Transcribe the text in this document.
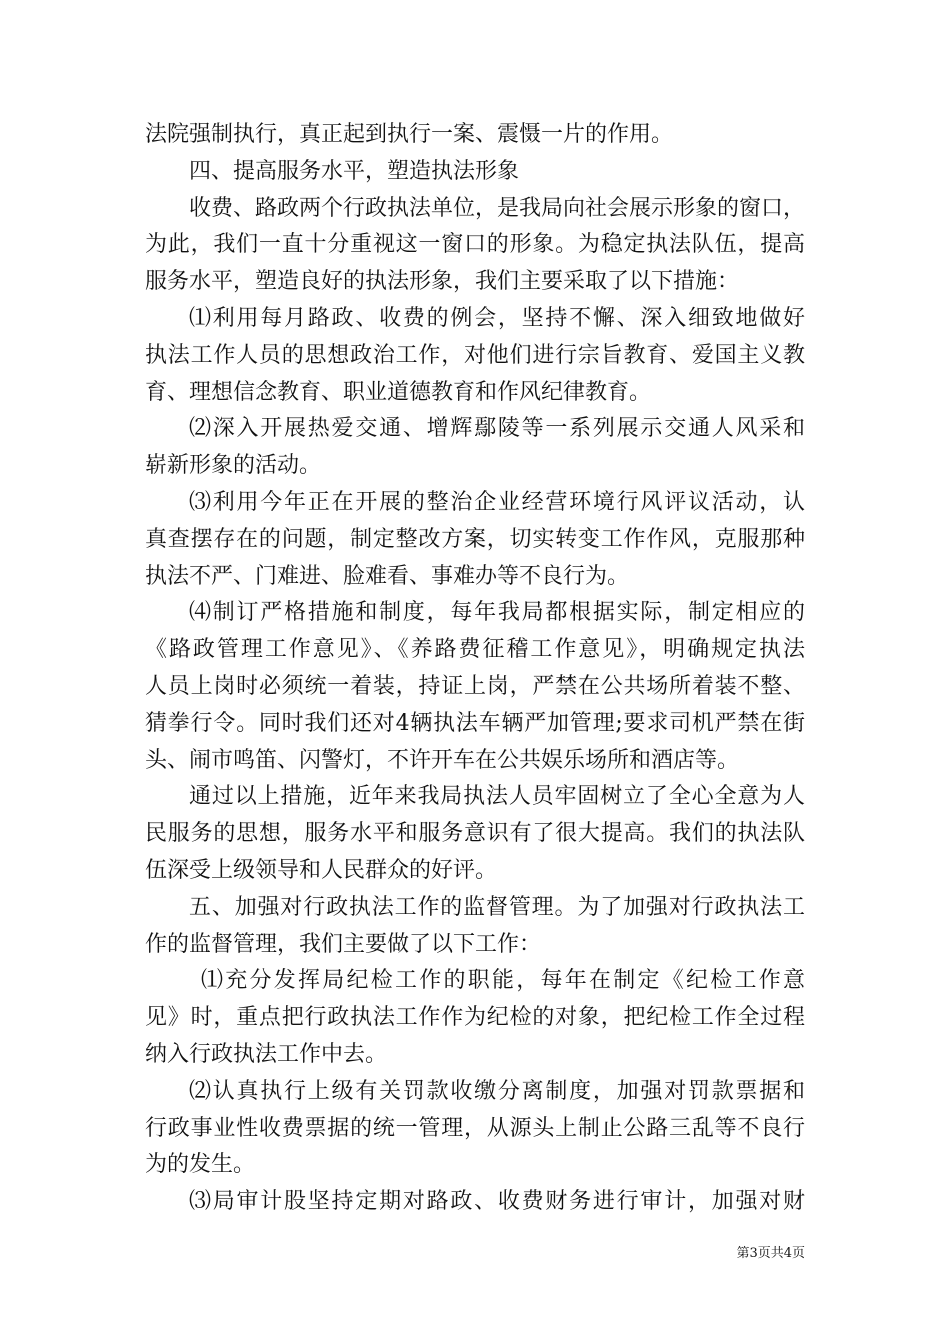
法院强制执行，真正起到执行一案、震慑一片的作用。
四、提高服务水平，塑造执法形象
收费、路政两个行政执法单位，是我局向社会展示形象的窗口，
为此，我们一直十分重视这一窗口的形象。为稳定执法队伍，提高
服务水平，塑造良好的执法形象，我们主要采取了以下措施：
⑴利用每月路政、收费的例会，坚持不懈、深入细致地做好
执法工作人员的思想政治工作，对他们进行宗旨教育、爱国主义教
育、理想信念教育、职业道德教育和作风纪律教育。
⑵深入开展热爱交通、增辉鄢陵等一系列展示交通人风采和
崭新形象的活动。
⑶利用今年正在开展的整治企业经营环境行风评议活动，认
真查摆存在的问题，制定整改方案，切实转变工作作风，克服那种
执法不严、门难进、脸难看、事难办等不良行为。
⑷制订严格措施和制度，每年我局都根据实际，制定相应的
《路政管理工作意见》、《养路费征稽工作意见》，明确规定执法
人员上岗时必须统一着装，持证上岗，严禁在公共场所着装不整、
猜拳行令。同时我们还对4辆执法车辆严加管理;要求司机严禁在街
头、闹市鸣笛、闪警灯，不许开车在公共娱乐场所和酒店等。
通过以上措施，近年来我局执法人员牢固树立了全心全意为人
民服务的思想，服务水平和服务意识有了很大提高。我们的执法队
伍深受上级领导和人民群众的好评。
五、加强对行政执法工作的监督管理。为了加强对行政执法工
作的监督管理，我们主要做了以下工作：
⑴充分发挥局纪检工作的职能，每年在制定《纪检工作意
见》时，重点把行政执法工作作为纪检的对象，把纪检工作全过程
纳入行政执法工作中去。
⑵认真执行上级有关罚款收缴分离制度，加强对罚款票据和
行政事业性收费票据的统一管理，从源头上制止公路三乱等不良行
为的发生。
⑶局审计股坚持定期对路政、收费财务进行审计，加强对财
第3页共4页
